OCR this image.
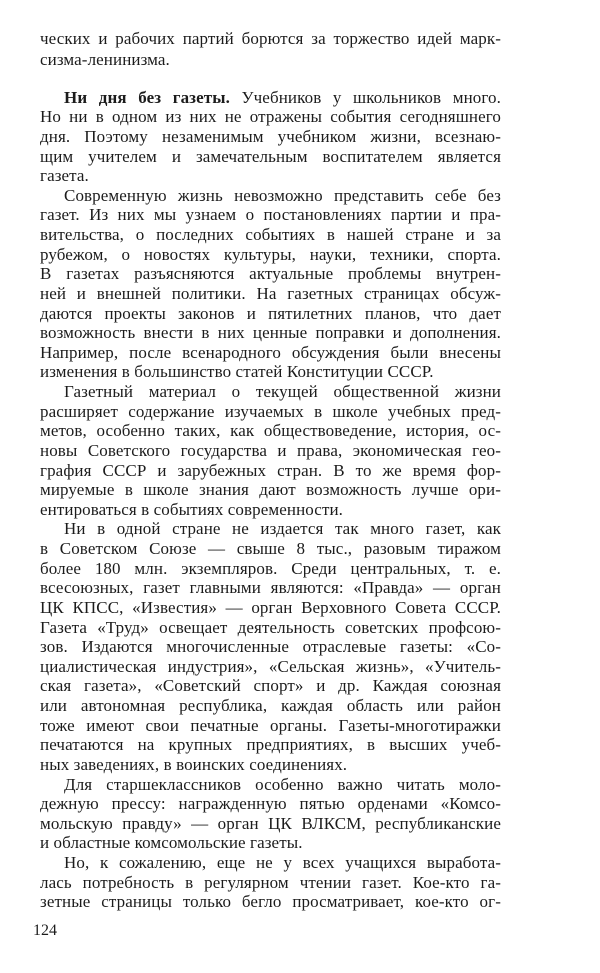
ческих и рабочих партий борются за торжество идей марк-
сизма-ленинизма.
Ни дня без газеты. Учебников у школьников много.
Но ни в одном из них не отражены события сегодняшнего
дня. Поэтому незаменимым учебником жизни, всезнаю-
щим учителем и замечательным воспитателем является
газета.
Современную жизнь невозможно представить себе без
газет. Из них мы узнаем о постановлениях партии и пра-
вительства, о последних событиях в нашей стране и за
рубежом, о новостях культуры, науки, техники, спорта.
В газетах разъясняются актуальные проблемы внутрен-
ней и внешней политики. На газетных страницах обсуж-
даются проекты законов и пятилетних планов, что дает
возможность внести в них ценные поправки и дополнения.
Например, после всенародного обсуждения были внесены
изменения в большинство статей Конституции СССР.
Газетный материал о текущей общественной жизни
расширяет содержание изучаемых в школе учебных пред-
метов, особенно таких, как обществоведение, история, ос-
новы Советского государства и права, экономическая гео-
графия СССР и зарубежных стран. В то же время фор-
мируемые в школе знания дают возможность лучше ори-
ентироваться в событиях современности.
Ни в одной стране не издается так много газет, как
в Советском Союзе — свыше 8 тыс., разовым тиражом
более 180 млн. экземпляров. Среди центральных, т. е.
всесоюзных, газет главными являются: «Правда» — орган
ЦК КПСС, «Известия» — орган Верховного Совета СССР.
Газета «Труд» освещает деятельность советских профсою-
зов. Издаются многочисленные отраслевые газеты: «Со-
циалистическая индустрия», «Сельская жизнь», «Учитель-
ская газета», «Советский спорт» и др. Каждая союзная
или автономная республика, каждая область или район
тоже имеют свои печатные органы. Газеты-многотиражки
печатаются на крупных предприятиях, в высших учеб-
ных заведениях, в воинских соединениях.
Для старшеклассников особенно важно читать моло-
дежную прессу: награжденную пятью орденами «Комсо-
мольскую правду» — орган ЦК ВЛКСМ, республиканские
и областные комсомольские газеты.
Но, к сожалению, еще не у всех учащихся выработа-
лась потребность в регулярном чтении газет. Кое-кто га-
зетные страницы только бегло просматривает, кое-кто ог-
124
